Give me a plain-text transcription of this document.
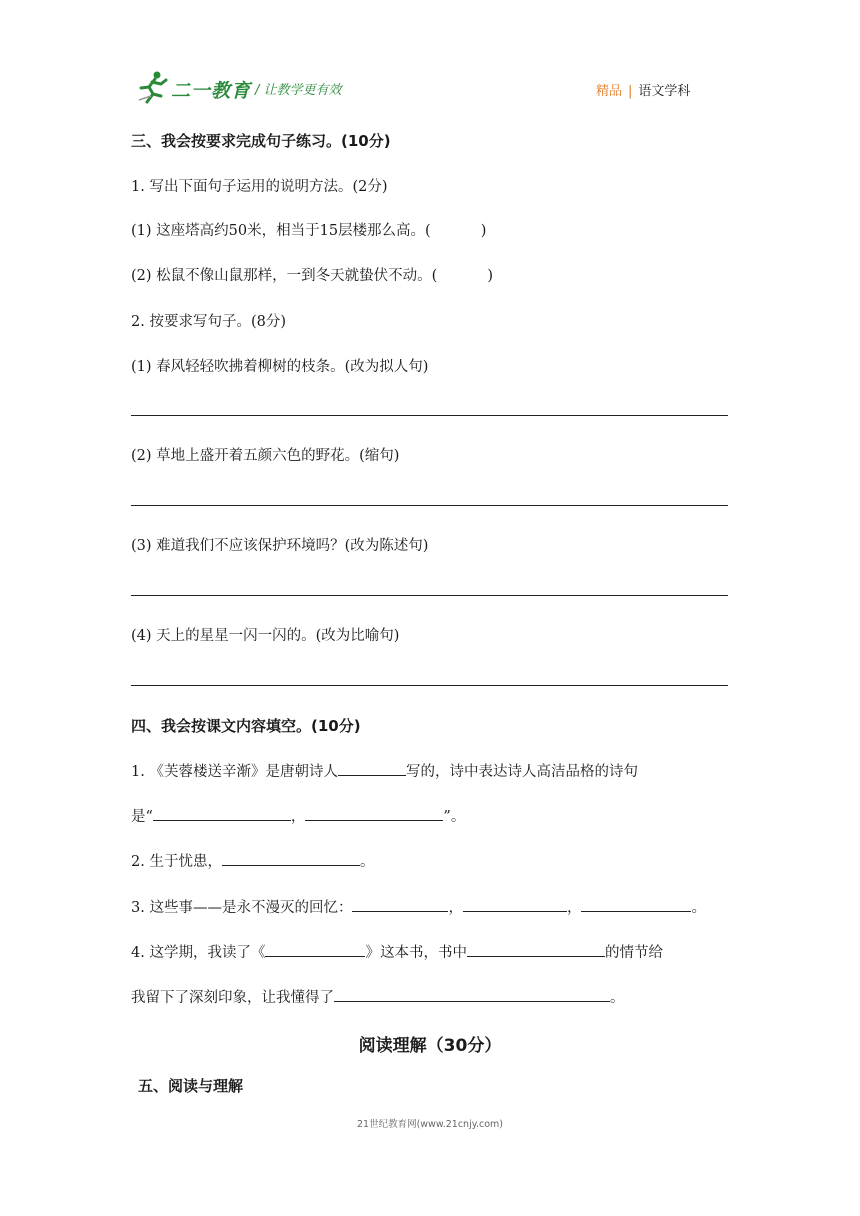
二一教育 / 让教学更有效	精品 | 语文学科
三、我会按要求完成句子练习。(10分)
1. 写出下面句子运用的说明方法。(2分)
(1) 这座塔高约50米，相当于15层楼那么高。(	)
(2) 松鼠不像山鼠那样，一到冬天就蛰伏不动。(	)
2. 按要求写句子。(8分)
(1) 春风轻轻吹拂着柳树的枝条。(改为拟人句)
(2) 草地上盛开着五颜六色的野花。(缩句)
(3) 难道我们不应该保护环境吗？(改为陈述句)
(4) 天上的星星一闪一闪的。(改为比喻句)
四、我会按课文内容填空。(10分)
1. 《芙蓉楼送辛渐》是唐朝诗人	写的，诗中表达诗人高洁品格的诗句
是“	，	”。
2. 生于忧患，	。
3. 这些事——是永不漫灭的回忆：	，	，	。
4. 这学期，我读了《	》这本书，书中	的情节给
我留下了深刻印象，让我懂得了	。
阅读理解（30分）
五、阅读与理解
21世纪教育网(www.21cnjy.com)
